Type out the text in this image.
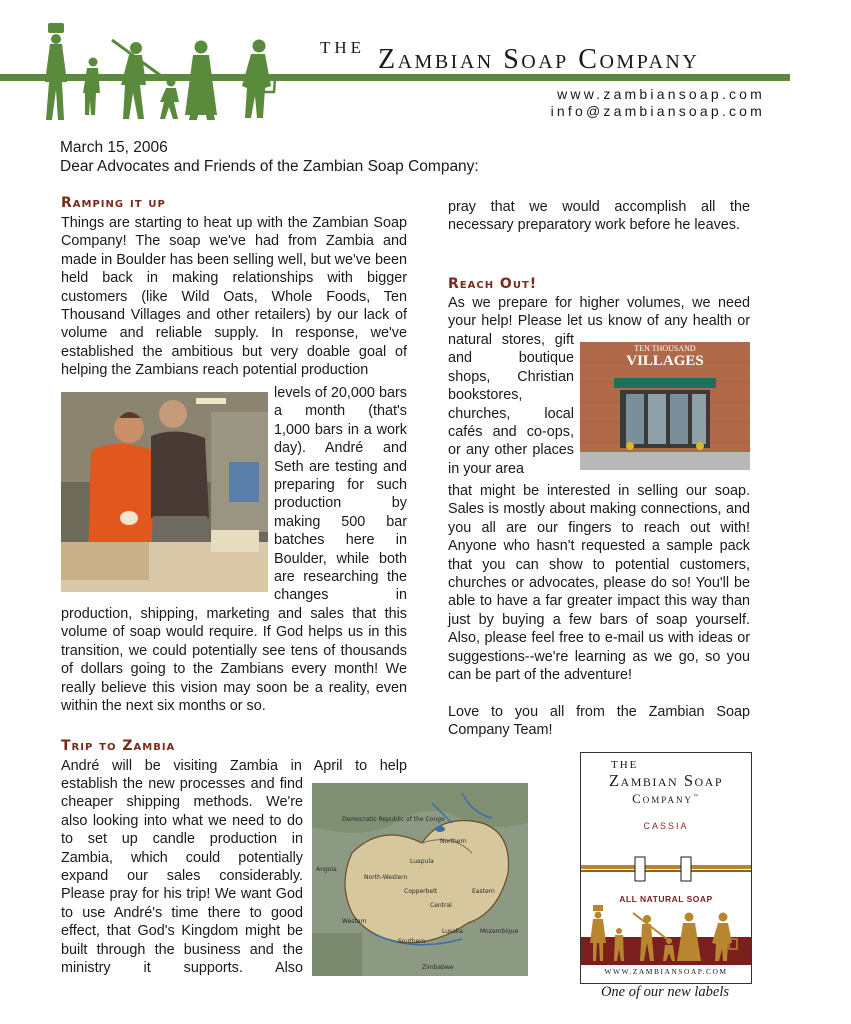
THE Zambian Soap Company
www.zambiansoap.com
info@zambiansoap.com
March 15, 2006
Dear Advocates and Friends of the Zambian Soap Company:
Ramping it up
Things are starting to heat up with the Zambian Soap Company! The soap we've had from Zambia and made in Boulder has been selling well, but we've been held back in making relationships with bigger customers (like Wild Oats, Whole Foods, Ten Thousand Villages and other retailers) by our lack of volume and reliable supply. In response, we've established the ambitious but very doable goal of helping the Zambians reach potential production
levels of 20,000 bars a month (that's 1,000 bars in a work day). André and Seth are testing and preparing for such production by making 500 bar batches here in Boulder, while both are researching the changes in
production, shipping, marketing and sales that this volume of soap would require. If God helps us in this transition, we could potentially see tens of thousands of dollars going to the Zambians every month! We really believe this vision may soon be a reality, even within the next six months or so.
Trip to Zambia
André will be visiting Zambia in April to help
establish the new processes and find cheaper shipping methods. We're also looking into what we need to do to set up candle production in Zambia, which could potentially expand our sales considerably. Please pray for his trip! We want God to use André's time there to good effect, that God's Kingdom might be built through the business and the ministry it supports. Also
Democratic Republic of the Congo
Northern
Luapula
North-Western
Copperbelt
Central
Eastern
Western
Lusaka
Southern
Angola
Mozambique
Zimbabwe
pray that we would accomplish all the necessary preparatory work before he leaves.
Reach Out!
As we prepare for higher volumes, we need your help! Please let us know of any health or
natural stores, gift and boutique shops, Christian bookstores, churches, local cafés and co-ops, or any other places in your area
TEN THOUSAND
VILLAGES
that might be interested in selling our soap. Sales is mostly about making connections, and you all are our fingers to reach out with! Anyone who hasn't requested a sample pack that you can show to potential customers, churches or advocates, please do so! You'll be able to have a far greater impact this way than just by buying a few bars of soap yourself. Also, please feel free to e-mail us with ideas or suggestions--we're learning as we go, so you can be part of the adventure!
Love to you all from the Zambian Soap Company Team!
THE
Zambian Soap
Company™
CASSIA
ALL NATURAL SOAP
WWW.ZAMBIANSOAP.COM
One of our new labels
